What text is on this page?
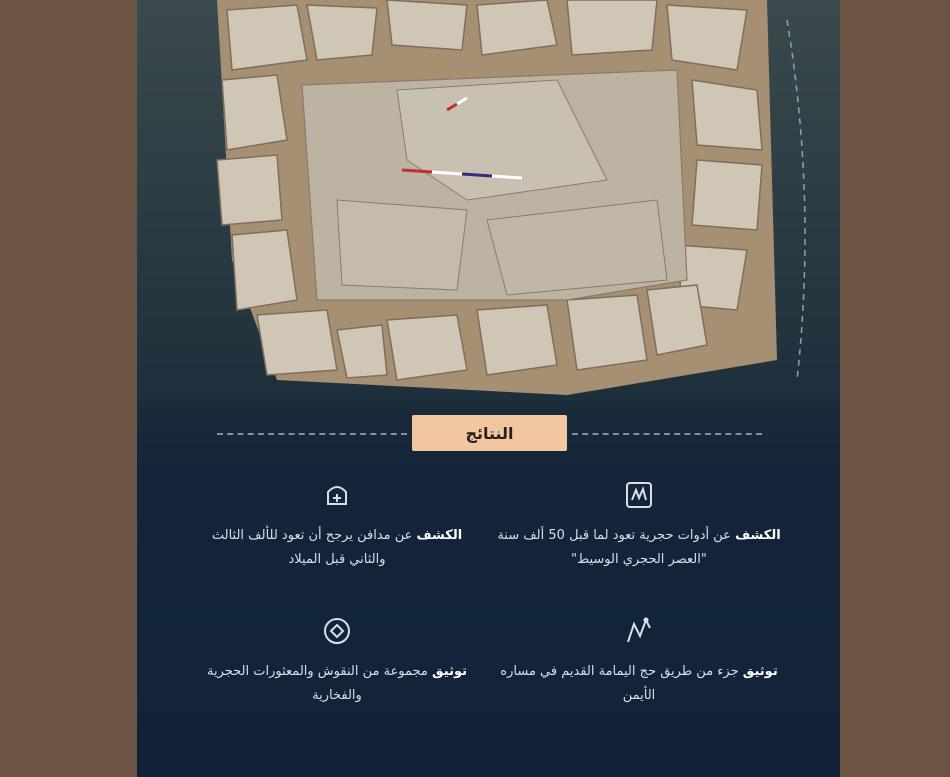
النتائج
الكشف عن أدوات حجرية تعود لما قبل 50 ألف سنة "العصر الحجري الوسيط"
الكشف عن مدافن يرجح أن تعود للألف الثالث والثاني قبل الميلاد
توثيق جزء من طريق حج اليمامة القديم في مساره الأيمن
توثيق مجموعة من النقوش والمعثورات الحجرية والفخارية
